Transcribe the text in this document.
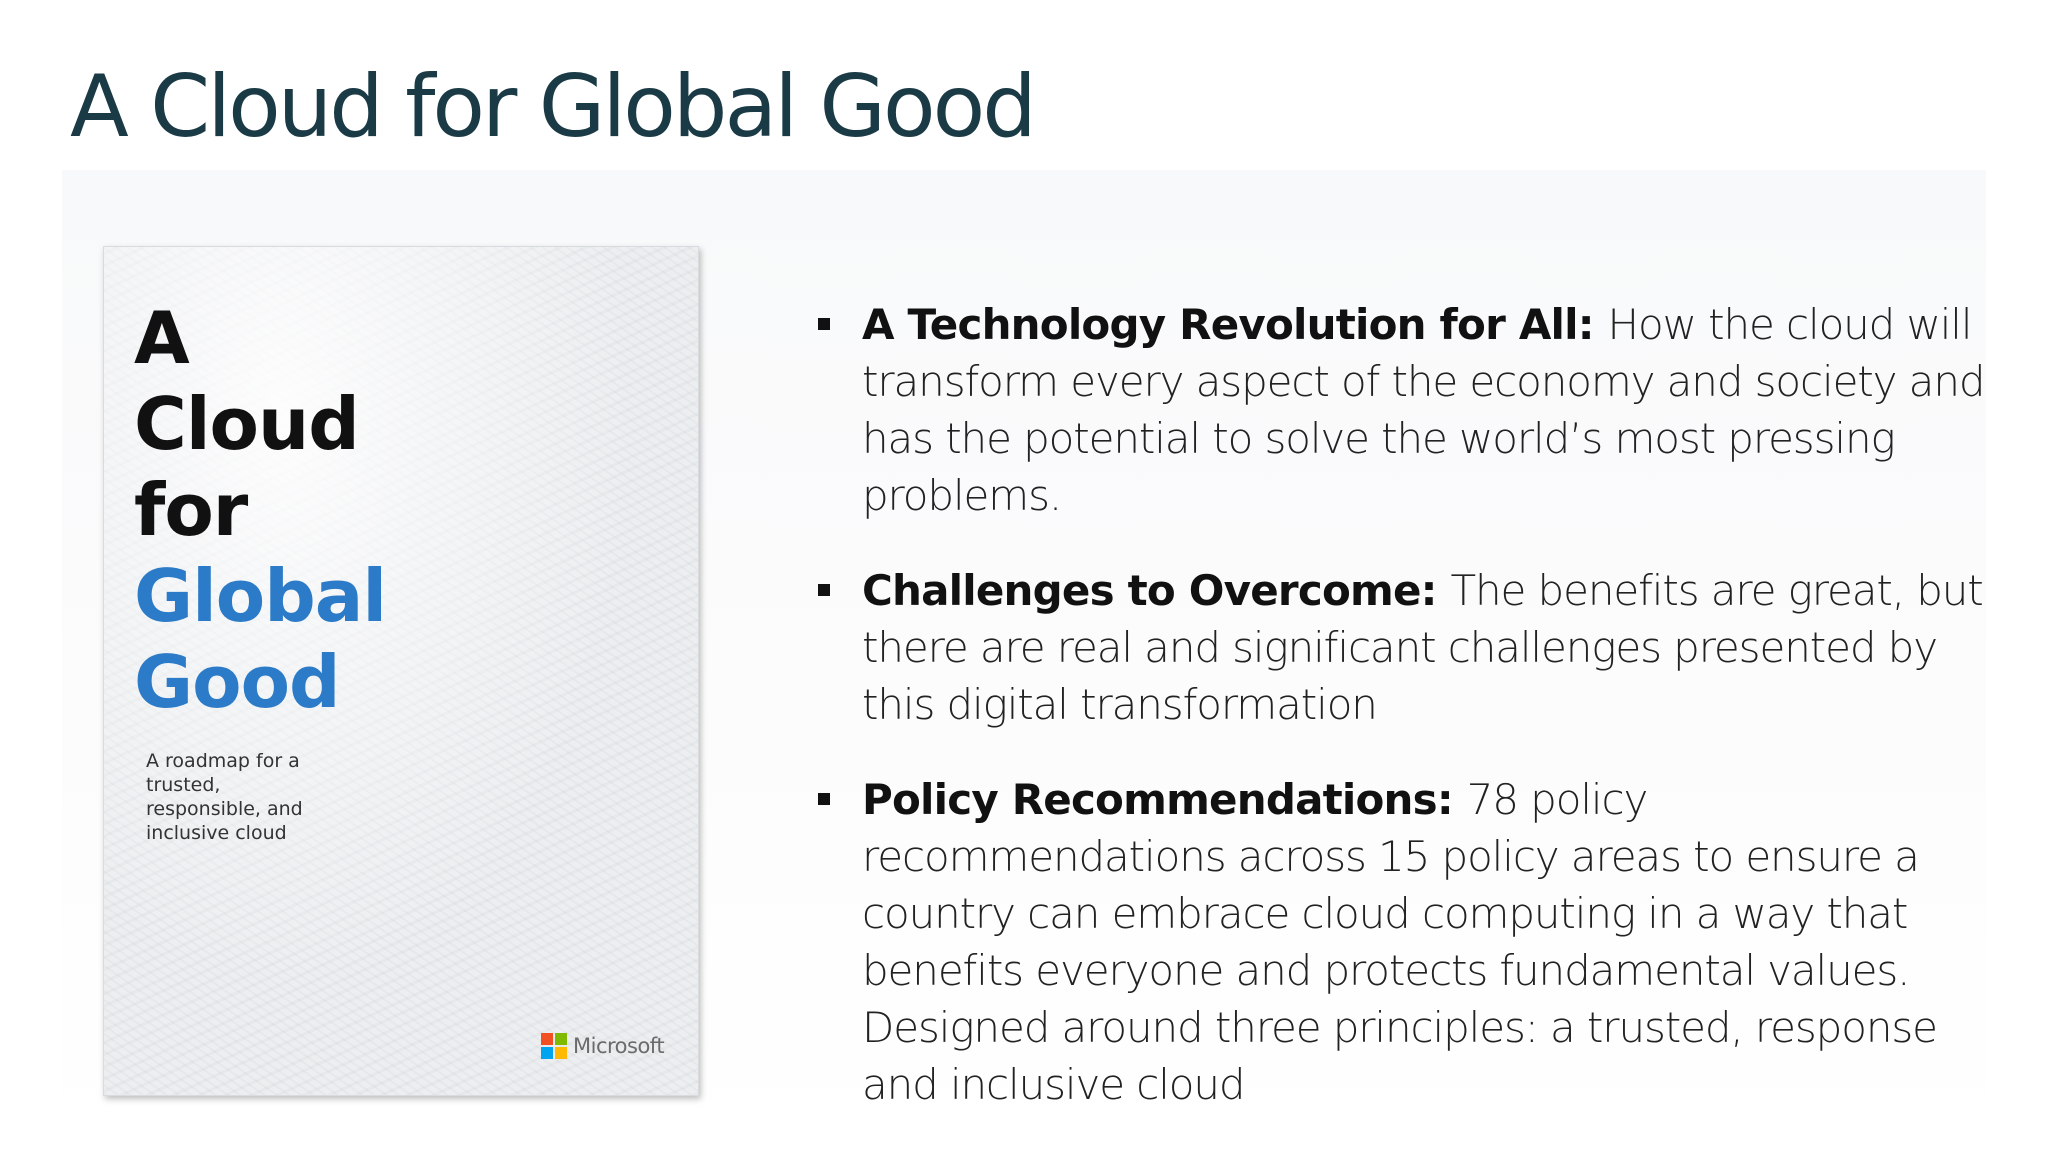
A Cloud for Global Good
A
Cloud
for
Global
Good
A roadmap for a
trusted,
responsible, and
inclusive cloud
Microsoft
A Technology Revolution for All: How the cloud will transform every aspect of the economy and society and has the potential to solve the world’s most pressing problems.
Challenges to Overcome: The benefits are great, but there are real and significant challenges presented by this digital transformation
Policy Recommendations: 78 policy recommendations across 15 policy areas to ensure a country can embrace cloud computing in a way that benefits everyone and protects fundamental values. Designed around three principles: a trusted, response and inclusive cloud
